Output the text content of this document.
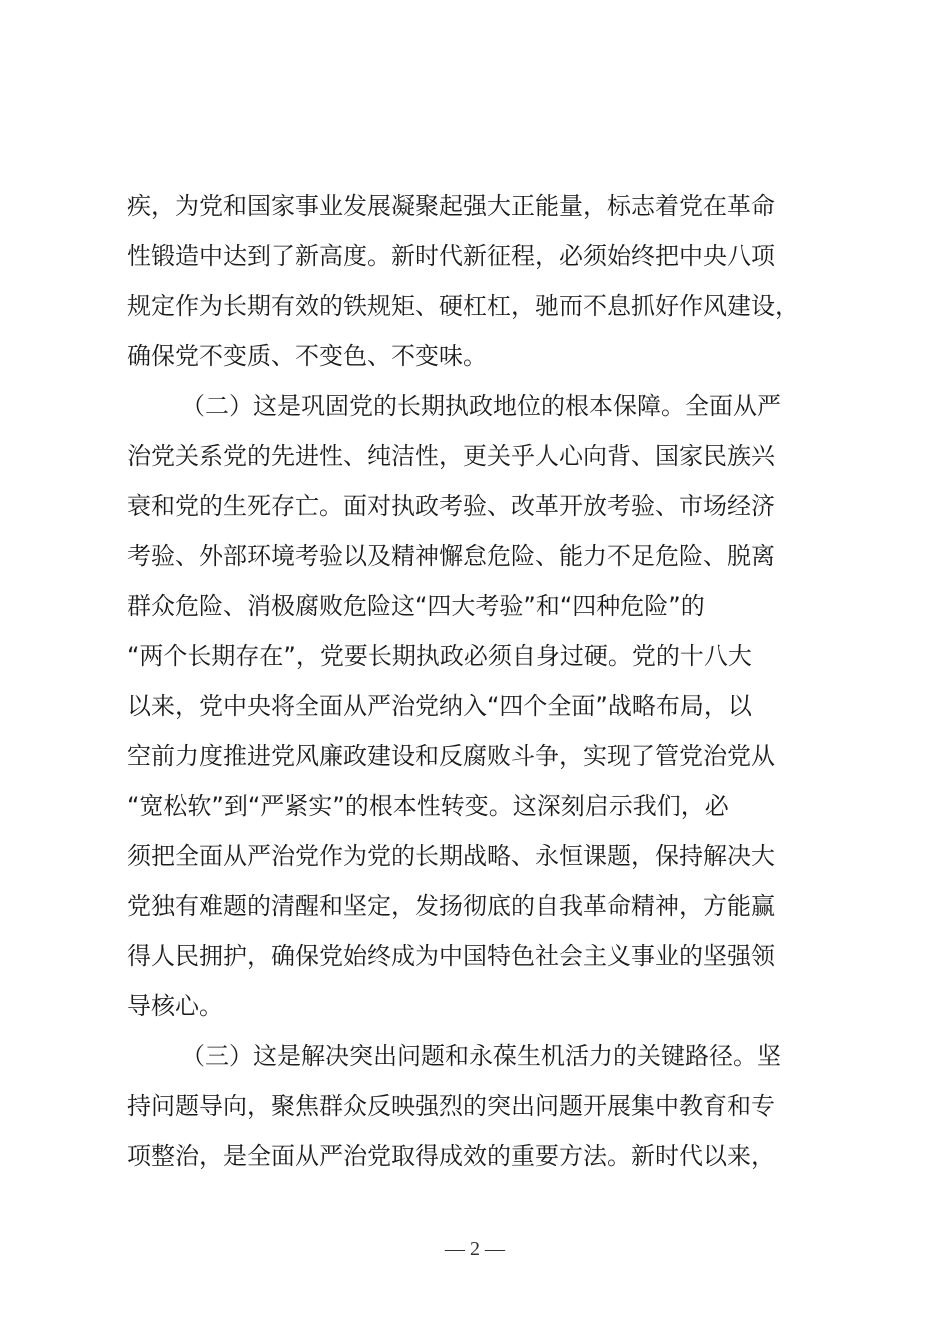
疾，为党和国家事业发展凝聚起强大正能量，标志着党在革命
性锻造中达到了新高度。新时代新征程，必须始终把中央八项
规定作为长期有效的铁规矩、硬杠杠，驰而不息抓好作风建设，
确保党不变质、不变色、不变味。
（二）这是巩固党的长期执政地位的根本保障。全面从严
治党关系党的先进性、纯洁性，更关乎人心向背、国家民族兴
衰和党的生死存亡。面对执政考验、改革开放考验、市场经济
考验、外部环境考验以及精神懈怠危险、能力不足危险、脱离
群众危险、消极腐败危险这“四大考验”和“四种危险”的
“两个长期存在”，党要长期执政必须自身过硬。党的十八大
以来，党中央将全面从严治党纳入“四个全面”战略布局，以
空前力度推进党风廉政建设和反腐败斗争，实现了管党治党从
“宽松软”到“严紧实”的根本性转变。这深刻启示我们，必
须把全面从严治党作为党的长期战略、永恒课题，保持解决大
党独有难题的清醒和坚定，发扬彻底的自我革命精神，方能赢
得人民拥护，确保党始终成为中国特色社会主义事业的坚强领
导核心。
（三）这是解决突出问题和永葆生机活力的关键路径。坚
持问题导向，聚焦群众反映强烈的突出问题开展集中教育和专
项整治，是全面从严治党取得成效的重要方法。新时代以来，
— 2 —
